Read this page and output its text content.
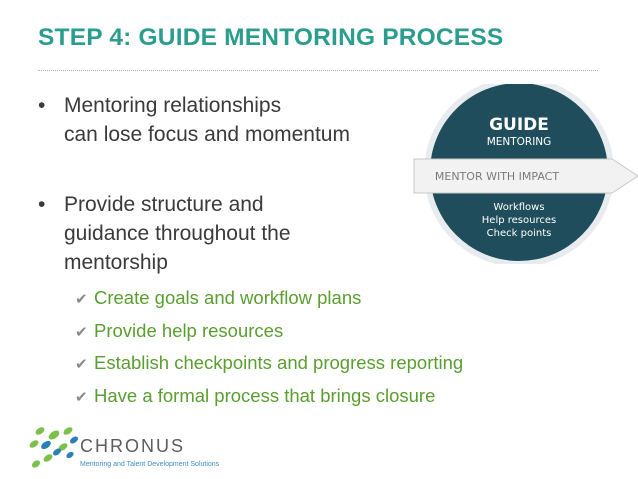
STEP 4: GUIDE MENTORING PROCESS
• Mentoring relationships
can lose focus and momentum
• Provide structure and
guidance throughout the
mentorship
✔ Create goals and workflow plans
✔ Provide help resources
✔ Establish checkpoints and progress reporting
✔ Have a formal process that brings closure
GUIDE
MENTORING
MENTOR WITH IMPACT
Workflows
Help resources
Check points
CHRONUS
Mentoring and Talent Development Solutions
